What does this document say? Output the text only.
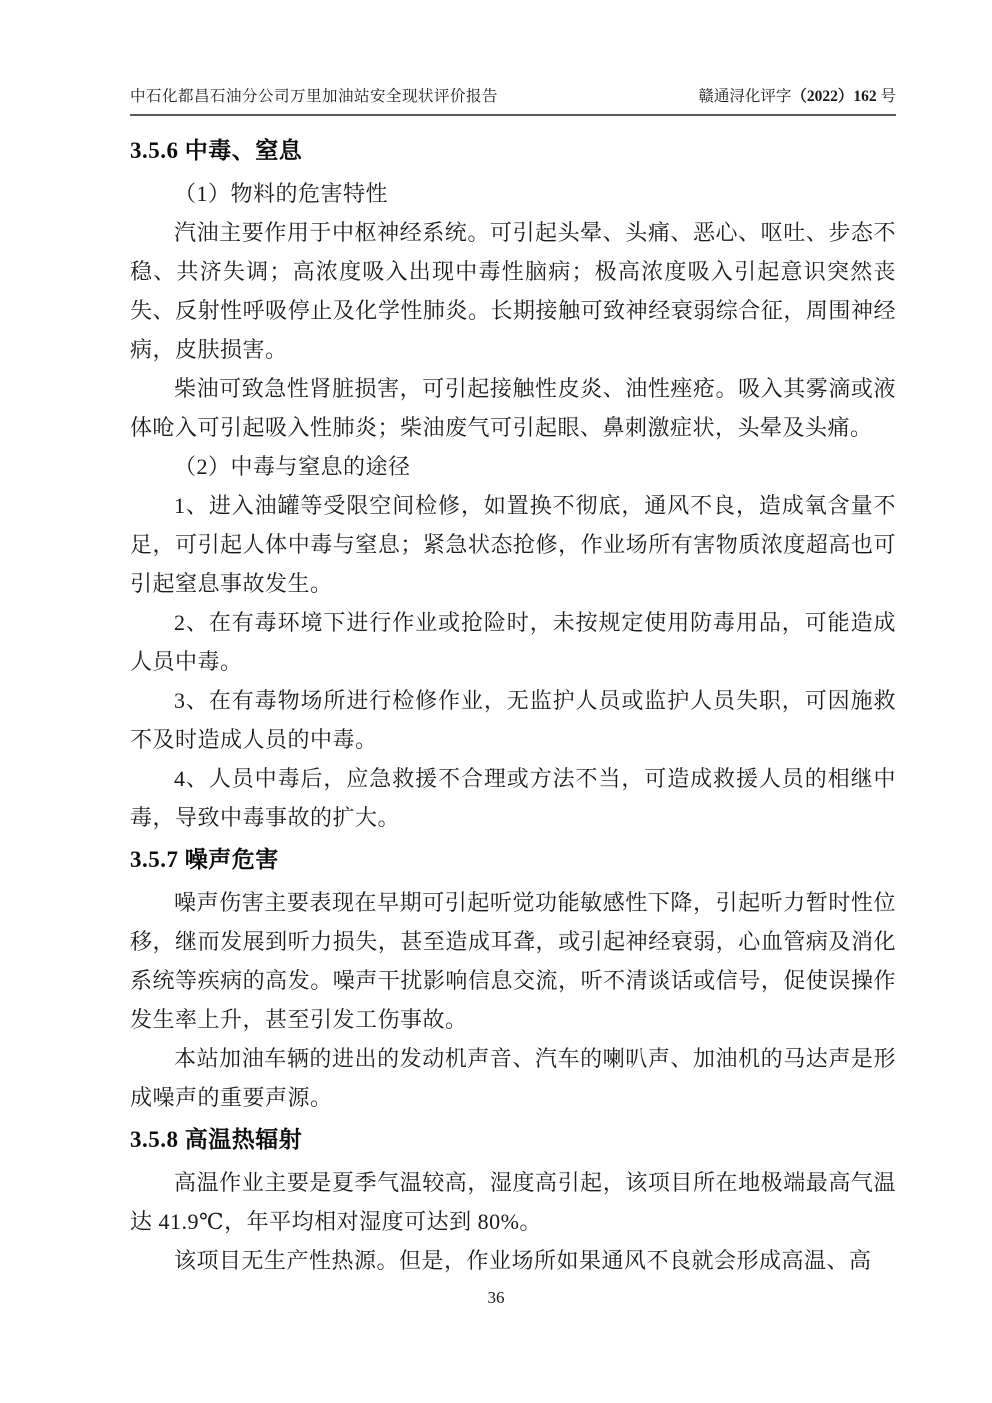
中石化都昌石油分公司万里加油站安全现状评价报告	赣通浔化评字（2022）162 号
3.5.6 中毒、窒息

（1）物料的危害特性

汽油主要作用于中枢神经系统。可引起头晕、头痛、恶心、呕吐、步态不稳、共济失调；高浓度吸入出现中毒性脑病；极高浓度吸入引起意识突然丧失、反射性呼吸停止及化学性肺炎。长期接触可致神经衰弱综合征，周围神经病，皮肤损害。

柴油可致急性肾脏损害，可引起接触性皮炎、油性痤疮。吸入其雾滴或液体呛入可引起吸入性肺炎；柴油废气可引起眼、鼻刺激症状，头晕及头痛。

（2）中毒与窒息的途径

1、进入油罐等受限空间检修，如置换不彻底，通风不良，造成氧含量不足，可引起人体中毒与窒息；紧急状态抢修，作业场所有害物质浓度超高也可引起窒息事故发生。

2、在有毒环境下进行作业或抢险时，未按规定使用防毒用品，可能造成人员中毒。

3、在有毒物场所进行检修作业，无监护人员或监护人员失职，可因施救不及时造成人员的中毒。

4、人员中毒后，应急救援不合理或方法不当，可造成救援人员的相继中毒，导致中毒事故的扩大。

3.5.7 噪声危害

噪声伤害主要表现在早期可引起听觉功能敏感性下降，引起听力暂时性位移，继而发展到听力损失，甚至造成耳聋，或引起神经衰弱，心血管病及消化系统等疾病的高发。噪声干扰影响信息交流，听不清谈话或信号，促使误操作发生率上升，甚至引发工伤事故。

本站加油车辆的进出的发动机声音、汽车的喇叭声、加油机的马达声是形成噪声的重要声源。

3.5.8 高温热辐射

高温作业主要是夏季气温较高，湿度高引起，该项目所在地极端最高气温达 41.9℃，年平均相对湿度可达到 80%。

该项目无生产性热源。但是，作业场所如果通风不良就会形成高温、高

36
